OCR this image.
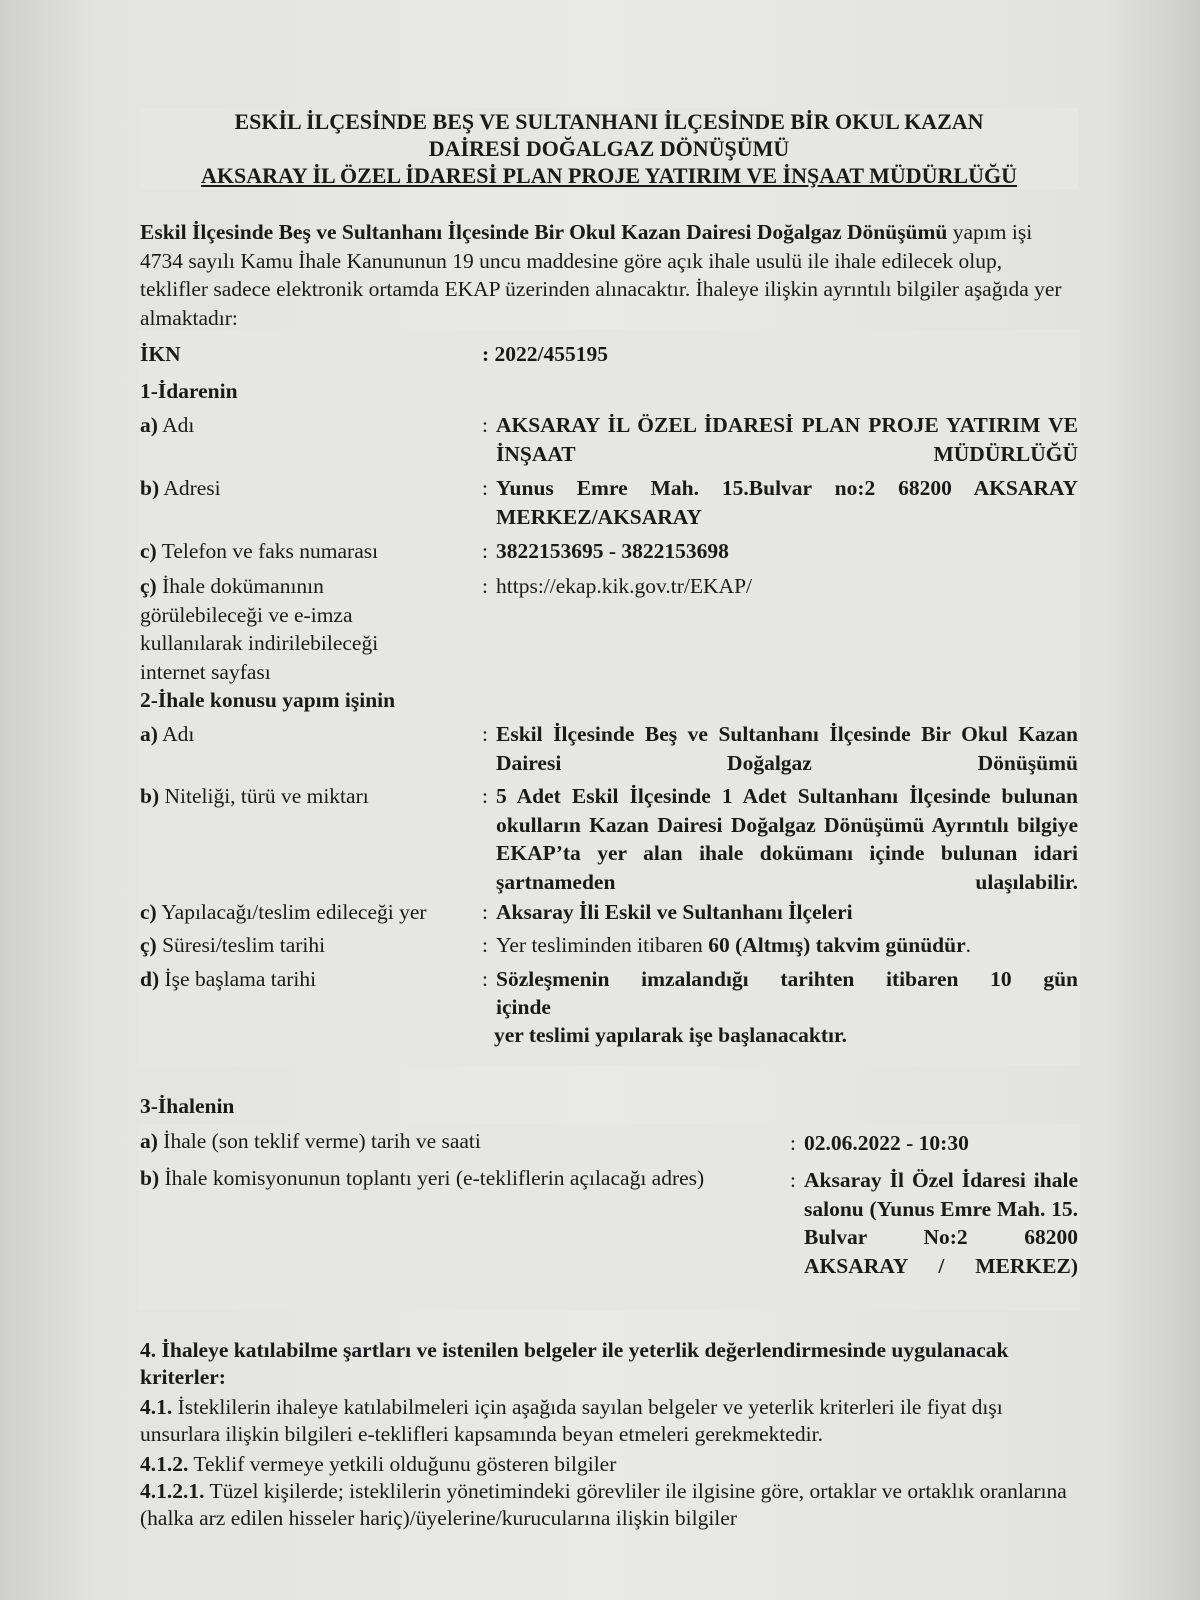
ESKİL İLÇESİNDE BEŞ VE SULTANHANI İLÇESİNDE BİR OKUL KAZAN
DAİRESİ DOĞALGAZ DÖNÜŞÜMÜ
AKSARAY İL ÖZEL İDARESİ PLAN PROJE YATIRIM VE İNŞAAT MÜDÜRLÜĞÜ
Eskil İlçesinde Beş ve Sultanhanı İlçesinde Bir Okul Kazan Dairesi Doğalgaz Dönüşümü yapım işi 4734 sayılı Kamu İhale Kanununun 19 uncu maddesine göre açık ihale usulü ile ihale edilecek olup, teklifler sadece elektronik ortamda EKAP üzerinden alınacaktır. İhaleye ilişkin ayrıntılı bilgiler aşağıda yer almaktadır:
İKN	: 2022/455195
1-İdarenin
a) Adı	: AKSARAY İL ÖZEL İDARESİ PLAN PROJE YATIRIM VE İNŞAAT MÜDÜRLÜĞÜ
b) Adresi	: Yunus Emre Mah. 15.Bulvar no:2 68200 AKSARAY MERKEZ/AKSARAY
c) Telefon ve faks numarası	: 3822153695 - 3822153698
ç) İhale dokümanının görülebileceği ve e-imza kullanılarak indirilebileceği internet sayfası
: https://ekap.kik.gov.tr/EKAP/
2-İhale konusu yapım işinin
a) Adı	: Eskil İlçesinde Beş ve Sultanhanı İlçesinde Bir Okul Kazan Dairesi Doğalgaz Dönüşümü
b) Niteliği, türü ve miktarı	: 5 Adet Eskil İlçesinde 1 Adet Sultanhanı İlçesinde bulunan okulların Kazan Dairesi Doğalgaz Dönüşümü Ayrıntılı bilgiye EKAP’ta yer alan ihale dokümanı içinde bulunan idari şartnameden ulaşılabilir.
c) Yapılacağı/teslim edileceği yer	: Aksaray İli Eskil ve Sultanhanı İlçeleri
ç) Süresi/teslim tarihi	: Yer tesliminden itibaren 60 (Altmış) takvim günüdür.
d) İşe başlama tarihi	: Sözleşmenin imzalandığı tarihten itibaren 10 gün
içinde
yer teslimi yapılarak işe başlanacaktır.
3-İhalenin
a) İhale (son teklif verme) tarih ve saati	: 02.06.2022 - 10:30
b) İhale komisyonunun toplantı yeri (e-tekliflerin açılacağı adres)	: Aksaray İl Özel İdaresi ihale salonu (Yunus Emre Mah. 15. Bulvar No:2 68200 AKSARAY / MERKEZ)
4. İhaleye katılabilme şartları ve istenilen belgeler ile yeterlik değerlendirmesinde uygulanacak kriterler:
4.1. İsteklilerin ihaleye katılabilmeleri için aşağıda sayılan belgeler ve yeterlik kriterleri ile fiyat dışı unsurlara ilişkin bilgileri e-teklifleri kapsamında beyan etmeleri gerekmektedir.
4.1.2. Teklif vermeye yetkili olduğunu gösteren bilgiler
4.1.2.1. Tüzel kişilerde; isteklilerin yönetimindeki görevliler ile ilgisine göre, ortaklar ve ortaklık oranlarına (halka arz edilen hisseler hariç)/üyelerine/kurucularına ilişkin bilgiler
